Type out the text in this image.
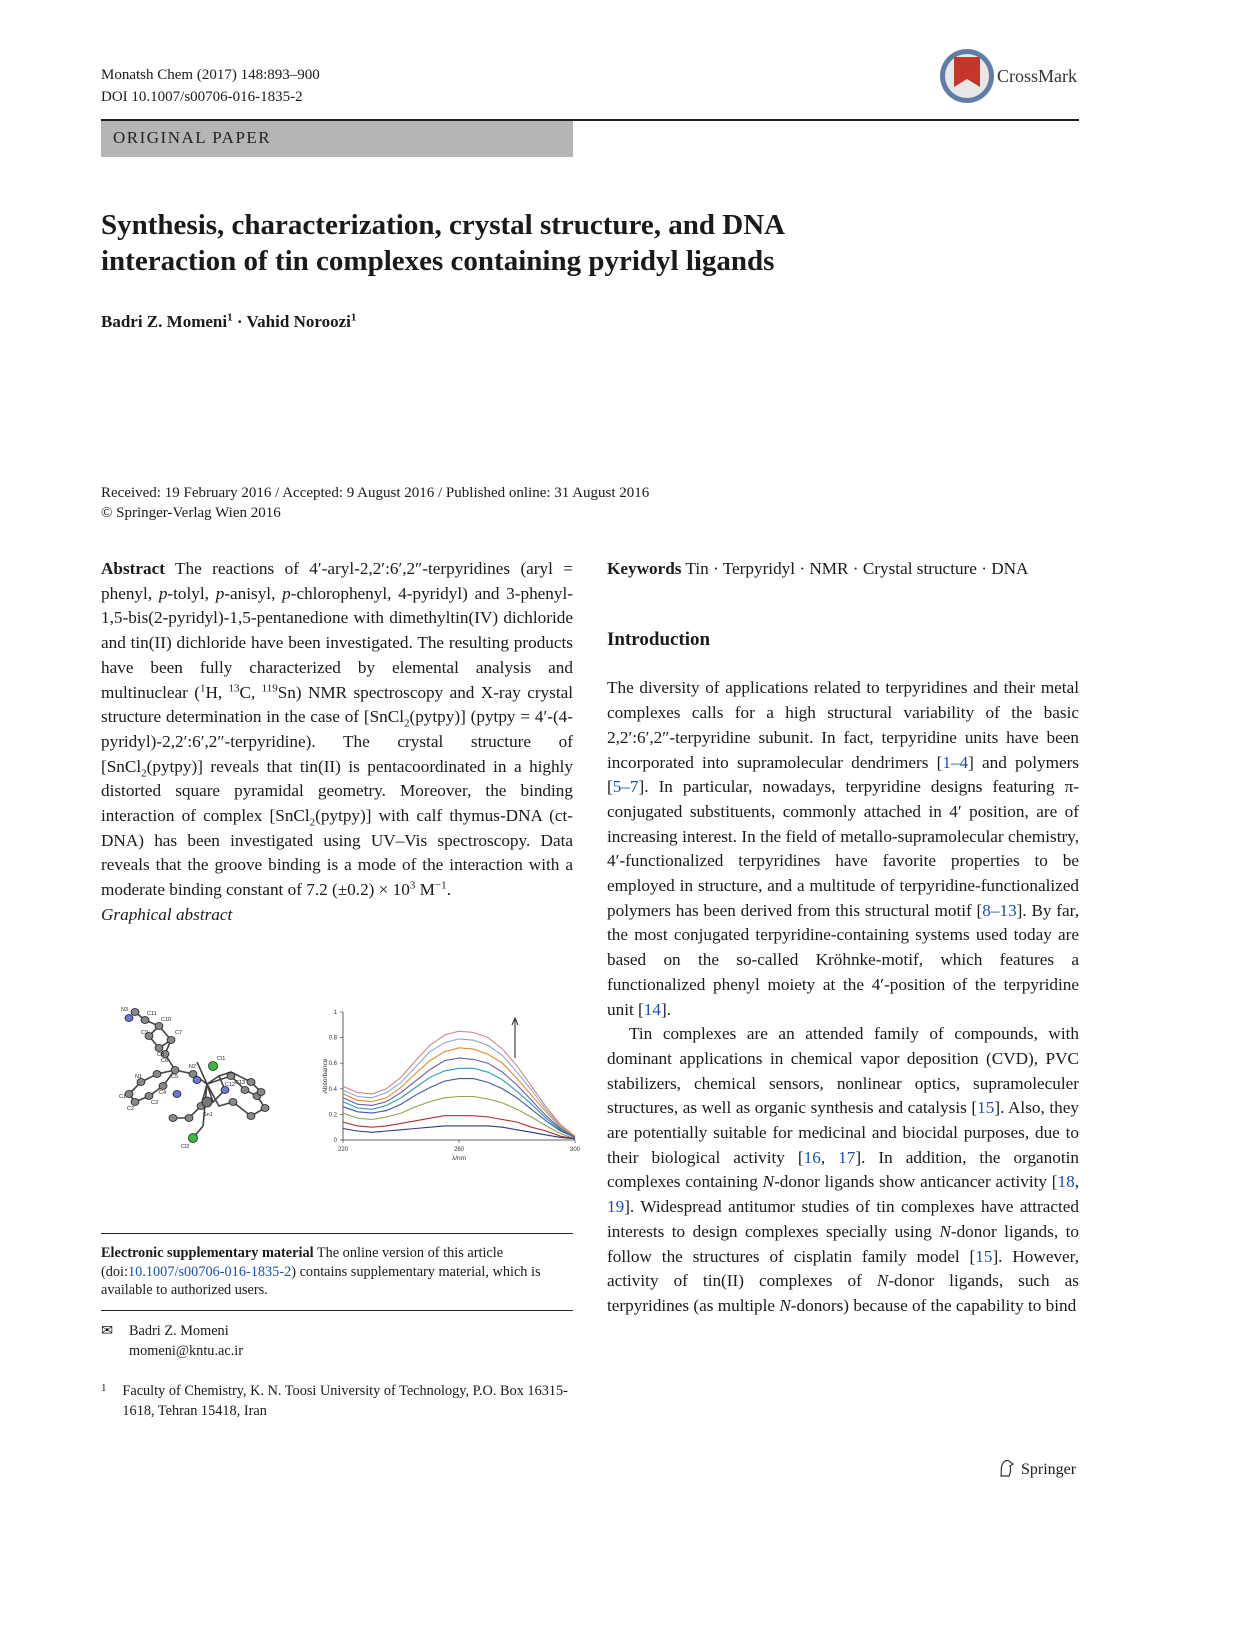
Monatsh Chem (2017) 148:893–900
DOI 10.1007/s00706-016-1835-2
CrossMark
ORIGINAL PAPER
Synthesis, characterization, crystal structure, and DNA
interaction of tin complexes containing pyridyl ligands
Badri Z. Momeni$^1$ · Vahid Noroozi$^1$
Received: 19 February 2016 / Accepted: 9 August 2016 / Published online: 31 August 2016
© Springer-Verlag Wien 2016

Abstract The reactions of 4′-aryl-2,2′:6′,2″-terpyridines (aryl = phenyl, p-tolyl, p-anisyl, p-chlorophenyl, 4-pyridyl) and 3-phenyl-1,5-bis(2-pyridyl)-1,5-pentanedione with dimethyltin(IV) dichloride and tin(II) dichloride have been investigated. The resulting products have been fully characterized by elemental analysis and multinuclear ($^1$H, $^{13}$C, $^{119}$Sn) NMR spectroscopy and X-ray crystal structure determination in the case of [SnCl$_2$(pytpy)] (pytpy = 4′-(4-pyridyl)-2,2′:6′,2″-terpyridine). The crystal structure of [SnCl$_2$(pytpy)] reveals that tin(II) is pentacoordinated in a highly distorted square pyramidal geometry. Moreover, the binding interaction of complex [SnCl$_2$(pytpy)] with calf thymus-DNA (ct-DNA) has been investigated using UV–Vis spectroscopy. Data reveals that the groove binding is a mode of the interaction with a moderate binding constant of 7.2 $(\pm 0.2) \times 10^3$ $M^{-1}$.

Graphical abstract

N3
C11
C10
C9
C8
C7
C6
C5
C4
C3
C2
C1
N1
N2
Sn1
Cl1
Cl2
C12 C13
0
0.2
0.4
0.6
0.8
1
220	260	300
λ/nm
Absorbance
Electronic supplementary material The online version of this article (doi:10.1007/s00706-016-1835-2) contains supplementary material, which is available to authorized users.
✉ Badri Z. Momeni
momeni@kntu.ac.ir
1	Faculty of Chemistry, K. N. Toosi University of Technology, P.O. Box 16315-1618, Tehran 15418, Iran

Keywords Tin · Terpyridyl · NMR · Crystal structure · DNA

Introduction

The diversity of applications related to terpyridines and their metal complexes calls for a high structural variability of the basic 2,2′:6′,2″-terpyridine subunit. In fact, terpyridine units have been incorporated into supramolecular dendrimers [1–4] and polymers [5–7]. In particular, nowadays, terpyridine designs featuring π-conjugated substituents, commonly attached in 4′ position, are of increasing interest. In the field of metallo-supramolecular chemistry, 4′-functionalized terpyridines have favorite properties to be employed in structure, and a multitude of terpyridine-functionalized polymers has been derived from this structural motif [8–13]. By far, the most conjugated terpyridine-containing systems used today are based on the so-called Kröhnke-motif, which features a functionalized phenyl moiety at the 4′-position of the terpyridine unit [14].

Tin complexes are an attended family of compounds, with dominant applications in chemical vapor deposition (CVD), PVC stabilizers, chemical sensors, nonlinear optics, supramoleculer structures, as well as organic synthesis and catalysis [15]. Also, they are potentially suitable for medicinal and biocidal purposes, due to their biological activity [16, 17]. In addition, the organotin complexes containing N-donor ligands show anticancer activity [18, 19]. Widespread antitumor studies of tin complexes have attracted interests to design complexes specially using N-donor ligands, to follow the structures of cisplatin family model [15]. However, activity of tin(II) complexes of N-donor ligands, such as terpyridines (as multiple N-donors) because of the capability to bind

Springer
